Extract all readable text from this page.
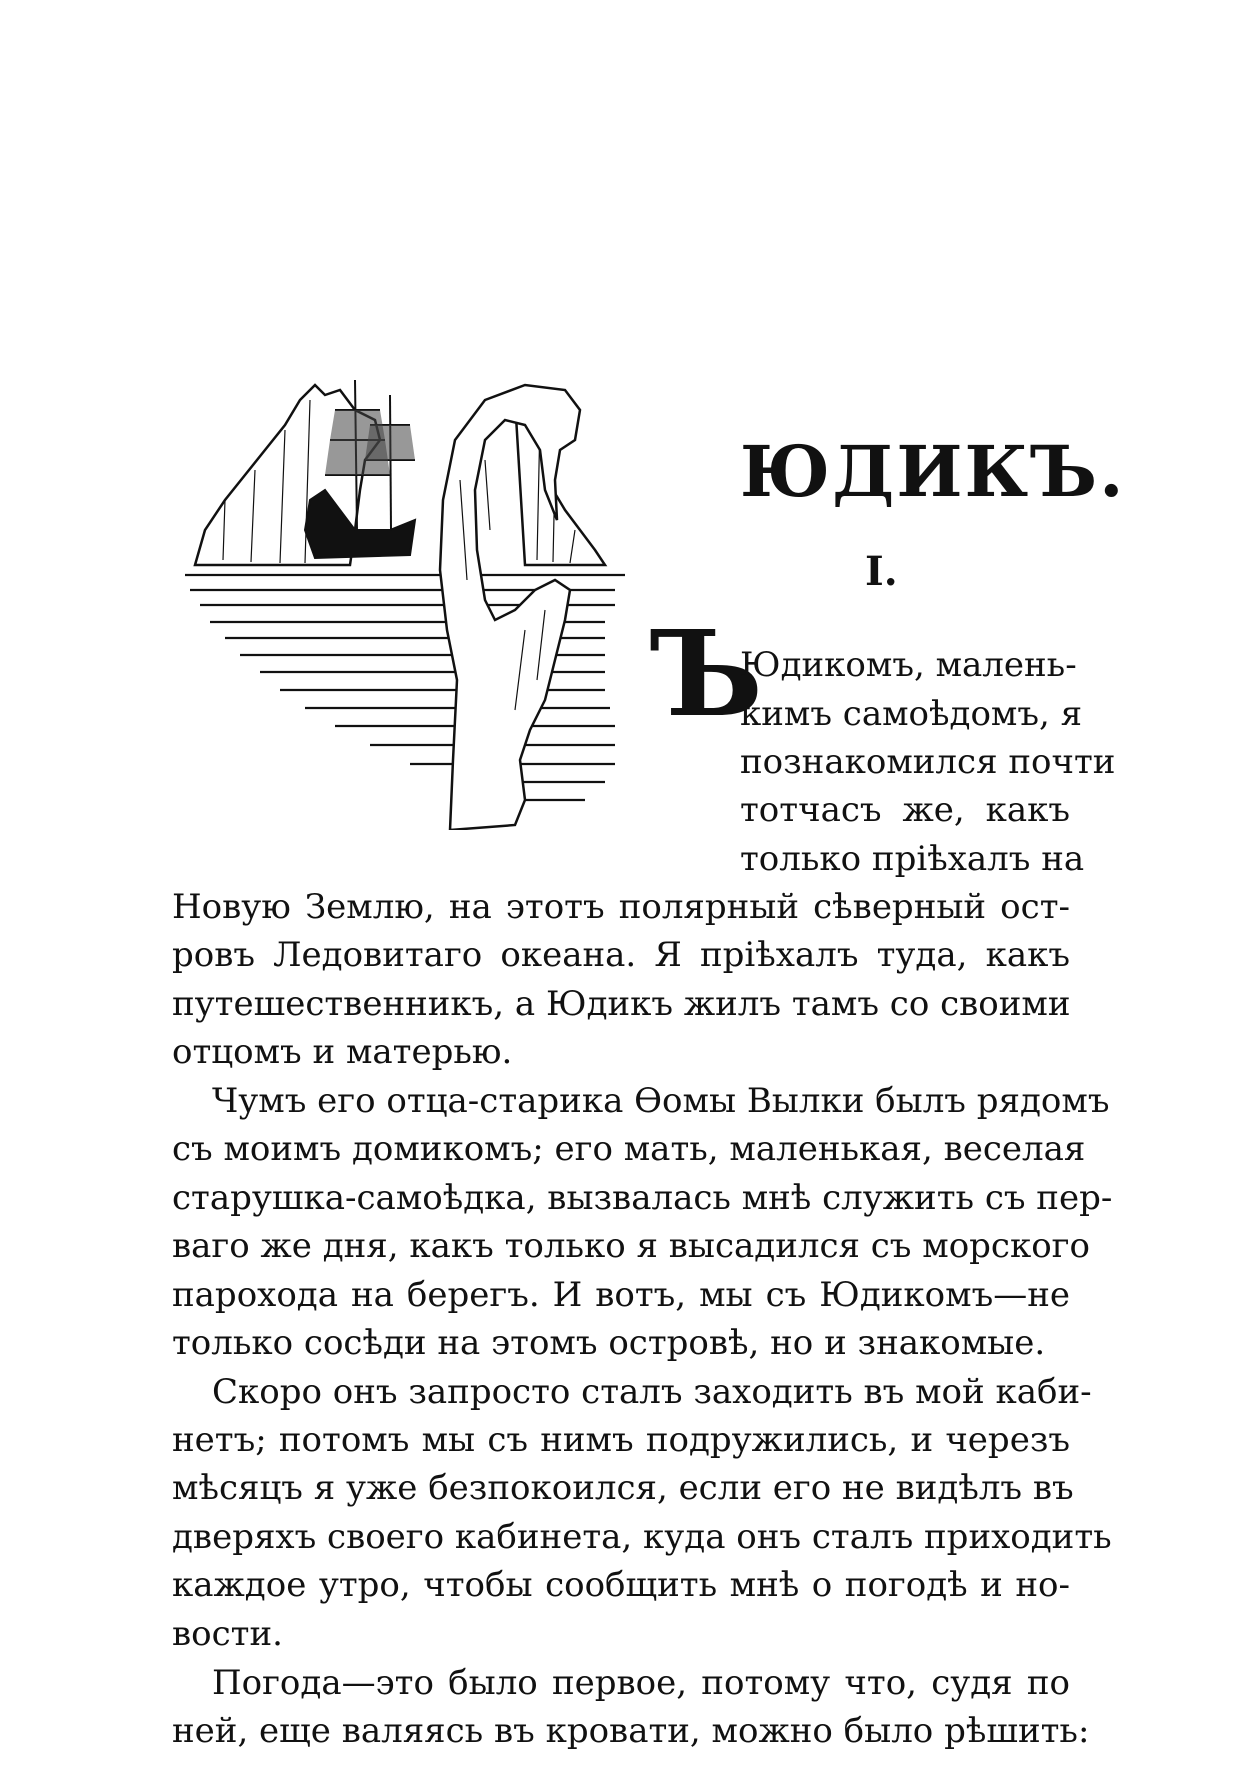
ЮДИКЪ.
I.
Ъ

Юдикомъ, малень-

кимъ самоѣдомъ, я

познакомился почти

тотчасъ же, какъ

только пріѣхалъ на

Новую Землю, на этотъ полярный сѣверный ост-

ровъ Ледовитаго океана. Я пріѣхалъ туда, какъ

путешественникъ, а Юдикъ жилъ тамъ со своими

отцомъ и матерью.

Чумъ его отца-старика Ѳомы Вылки былъ рядомъ

съ моимъ домикомъ; его мать, маленькая, веселая

старушка-самоѣдка, вызвалась мнѣ служить съ пер-

ваго же дня, какъ только я высадился съ морского

парохода на берегъ. И вотъ, мы съ Юдикомъ—не

только сосѣди на этомъ островѣ, но и знакомые.

Скоро онъ запросто сталъ заходить въ мой каби-

нетъ; потомъ мы съ нимъ подружились, и черезъ

мѣсяцъ я уже безпокоился, если его не видѣлъ въ

дверяхъ своего кабинета, куда онъ сталъ приходить

каждое утро, чтобы сообщить мнѣ о погодѣ и но-

вости.

Погода—это было первое, потому что, судя по

ней, еще валяясь въ кровати, можно было рѣшить:
